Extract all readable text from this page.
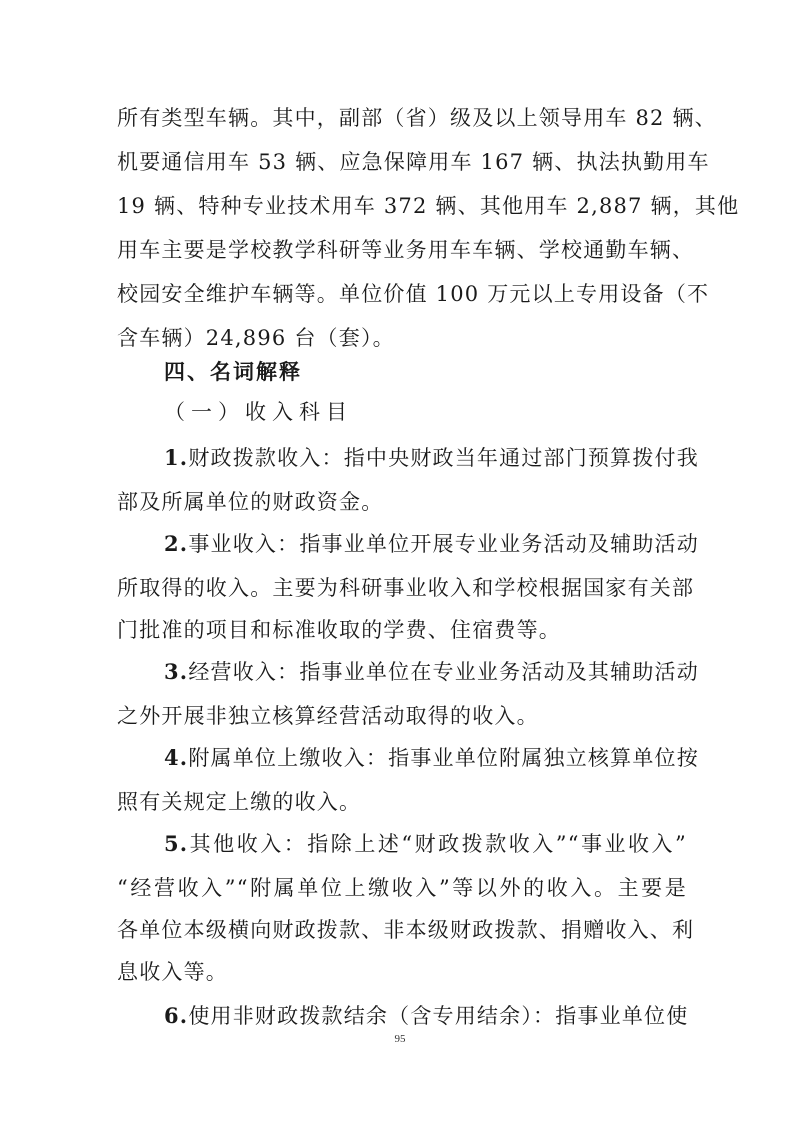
所有类型车辆。其中，副部（省）级及以上领导用车 82 辆、
机要通信用车 53 辆、应急保障用车 167 辆、执法执勤用车
19 辆、特种专业技术用车 372 辆、其他用车 2,887 辆，其他
用车主要是学校教学科研等业务用车车辆、学校通勤车辆、
校园安全维护车辆等。单位价值 100 万元以上专用设备（不
含车辆）24,896 台（套）。
四、名词解释
（一）收入科目
1.财政拨款收入：指中央财政当年通过部门预算拨付我
部及所属单位的财政资金。
2.事业收入：指事业单位开展专业业务活动及辅助活动
所取得的收入。主要为科研事业收入和学校根据国家有关部
门批准的项目和标准收取的学费、住宿费等。
3.经营收入：指事业单位在专业业务活动及其辅助活动
之外开展非独立核算经营活动取得的收入。
4.附属单位上缴收入：指事业单位附属独立核算单位按
照有关规定上缴的收入。
5.其他收入：指除上述“财政拨款收入”“事业收入”
“经营收入”“附属单位上缴收入”等以外的收入。主要是
各单位本级横向财政拨款、非本级财政拨款、捐赠收入、利
息收入等。
6.使用非财政拨款结余（含专用结余）：指事业单位使
95
